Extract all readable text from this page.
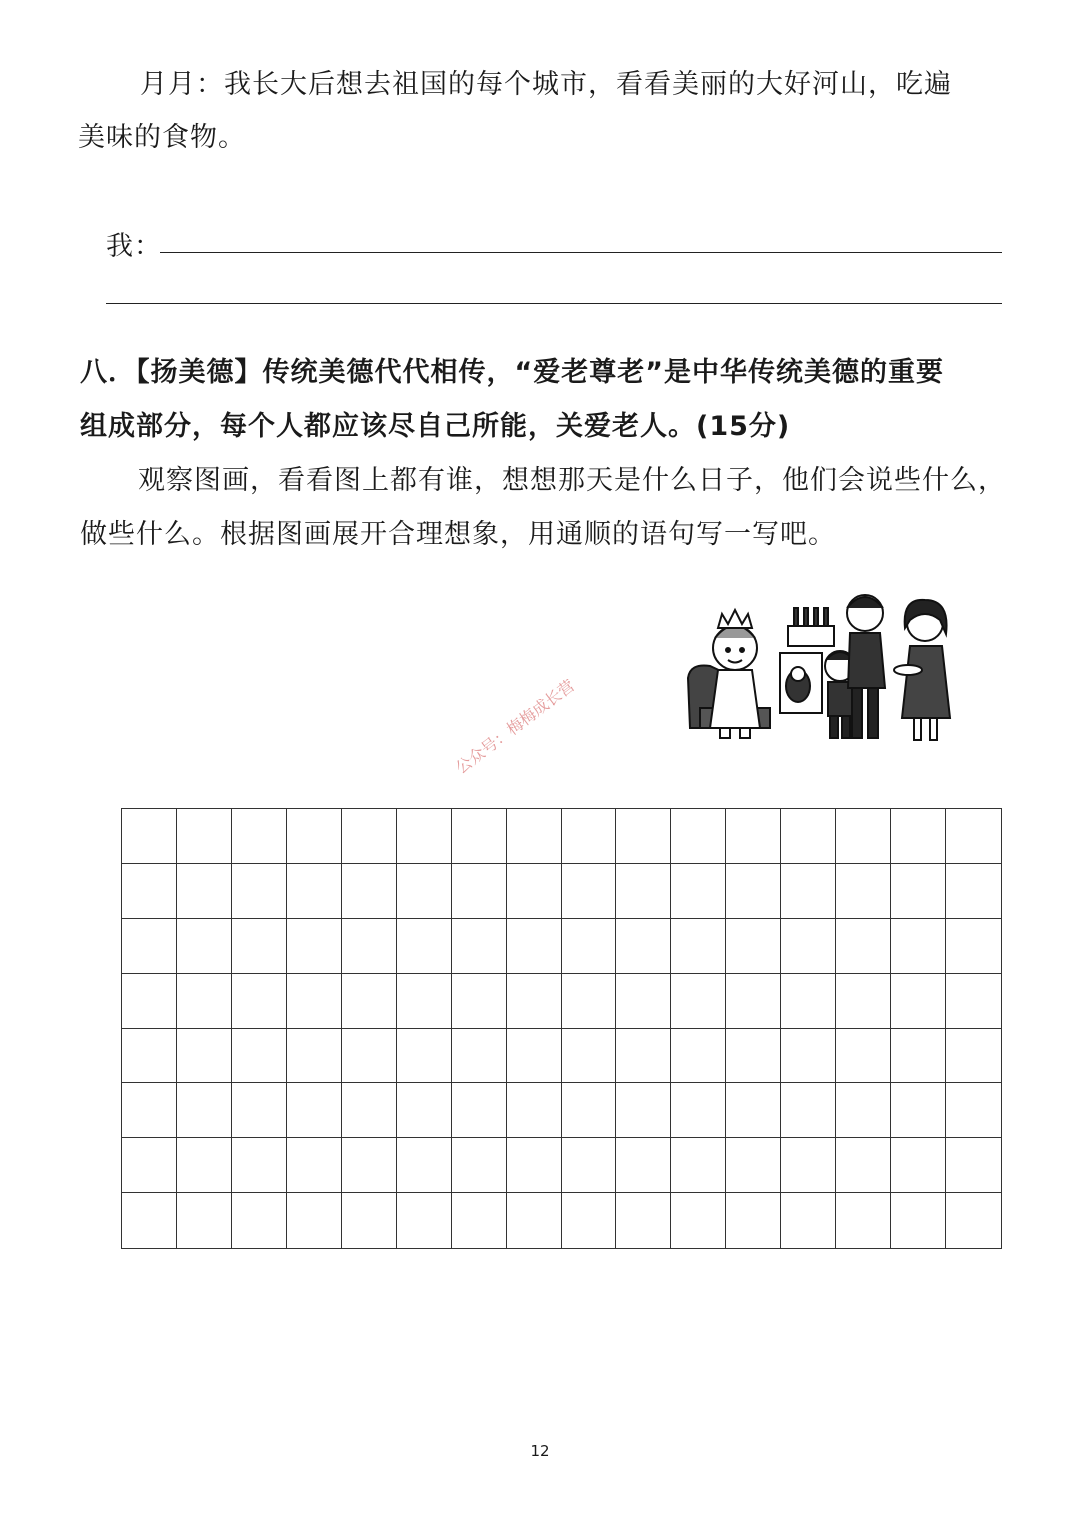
月月：我长大后想去祖国的每个城市，看看美丽的大好河山，吃遍
美味的食物。
我：
八．【扬美德】传统美德代代相传，“爱老尊老”是中华传统美德的重要
组成部分，每个人都应该尽自己所能，关爱老人。(15分)
观察图画，看看图上都有谁，想想那天是什么日子，他们会说些什么，
做些什么。根据图画展开合理想象，用通顺的语句写一写吧。
公众号：梅梅成长营
12
